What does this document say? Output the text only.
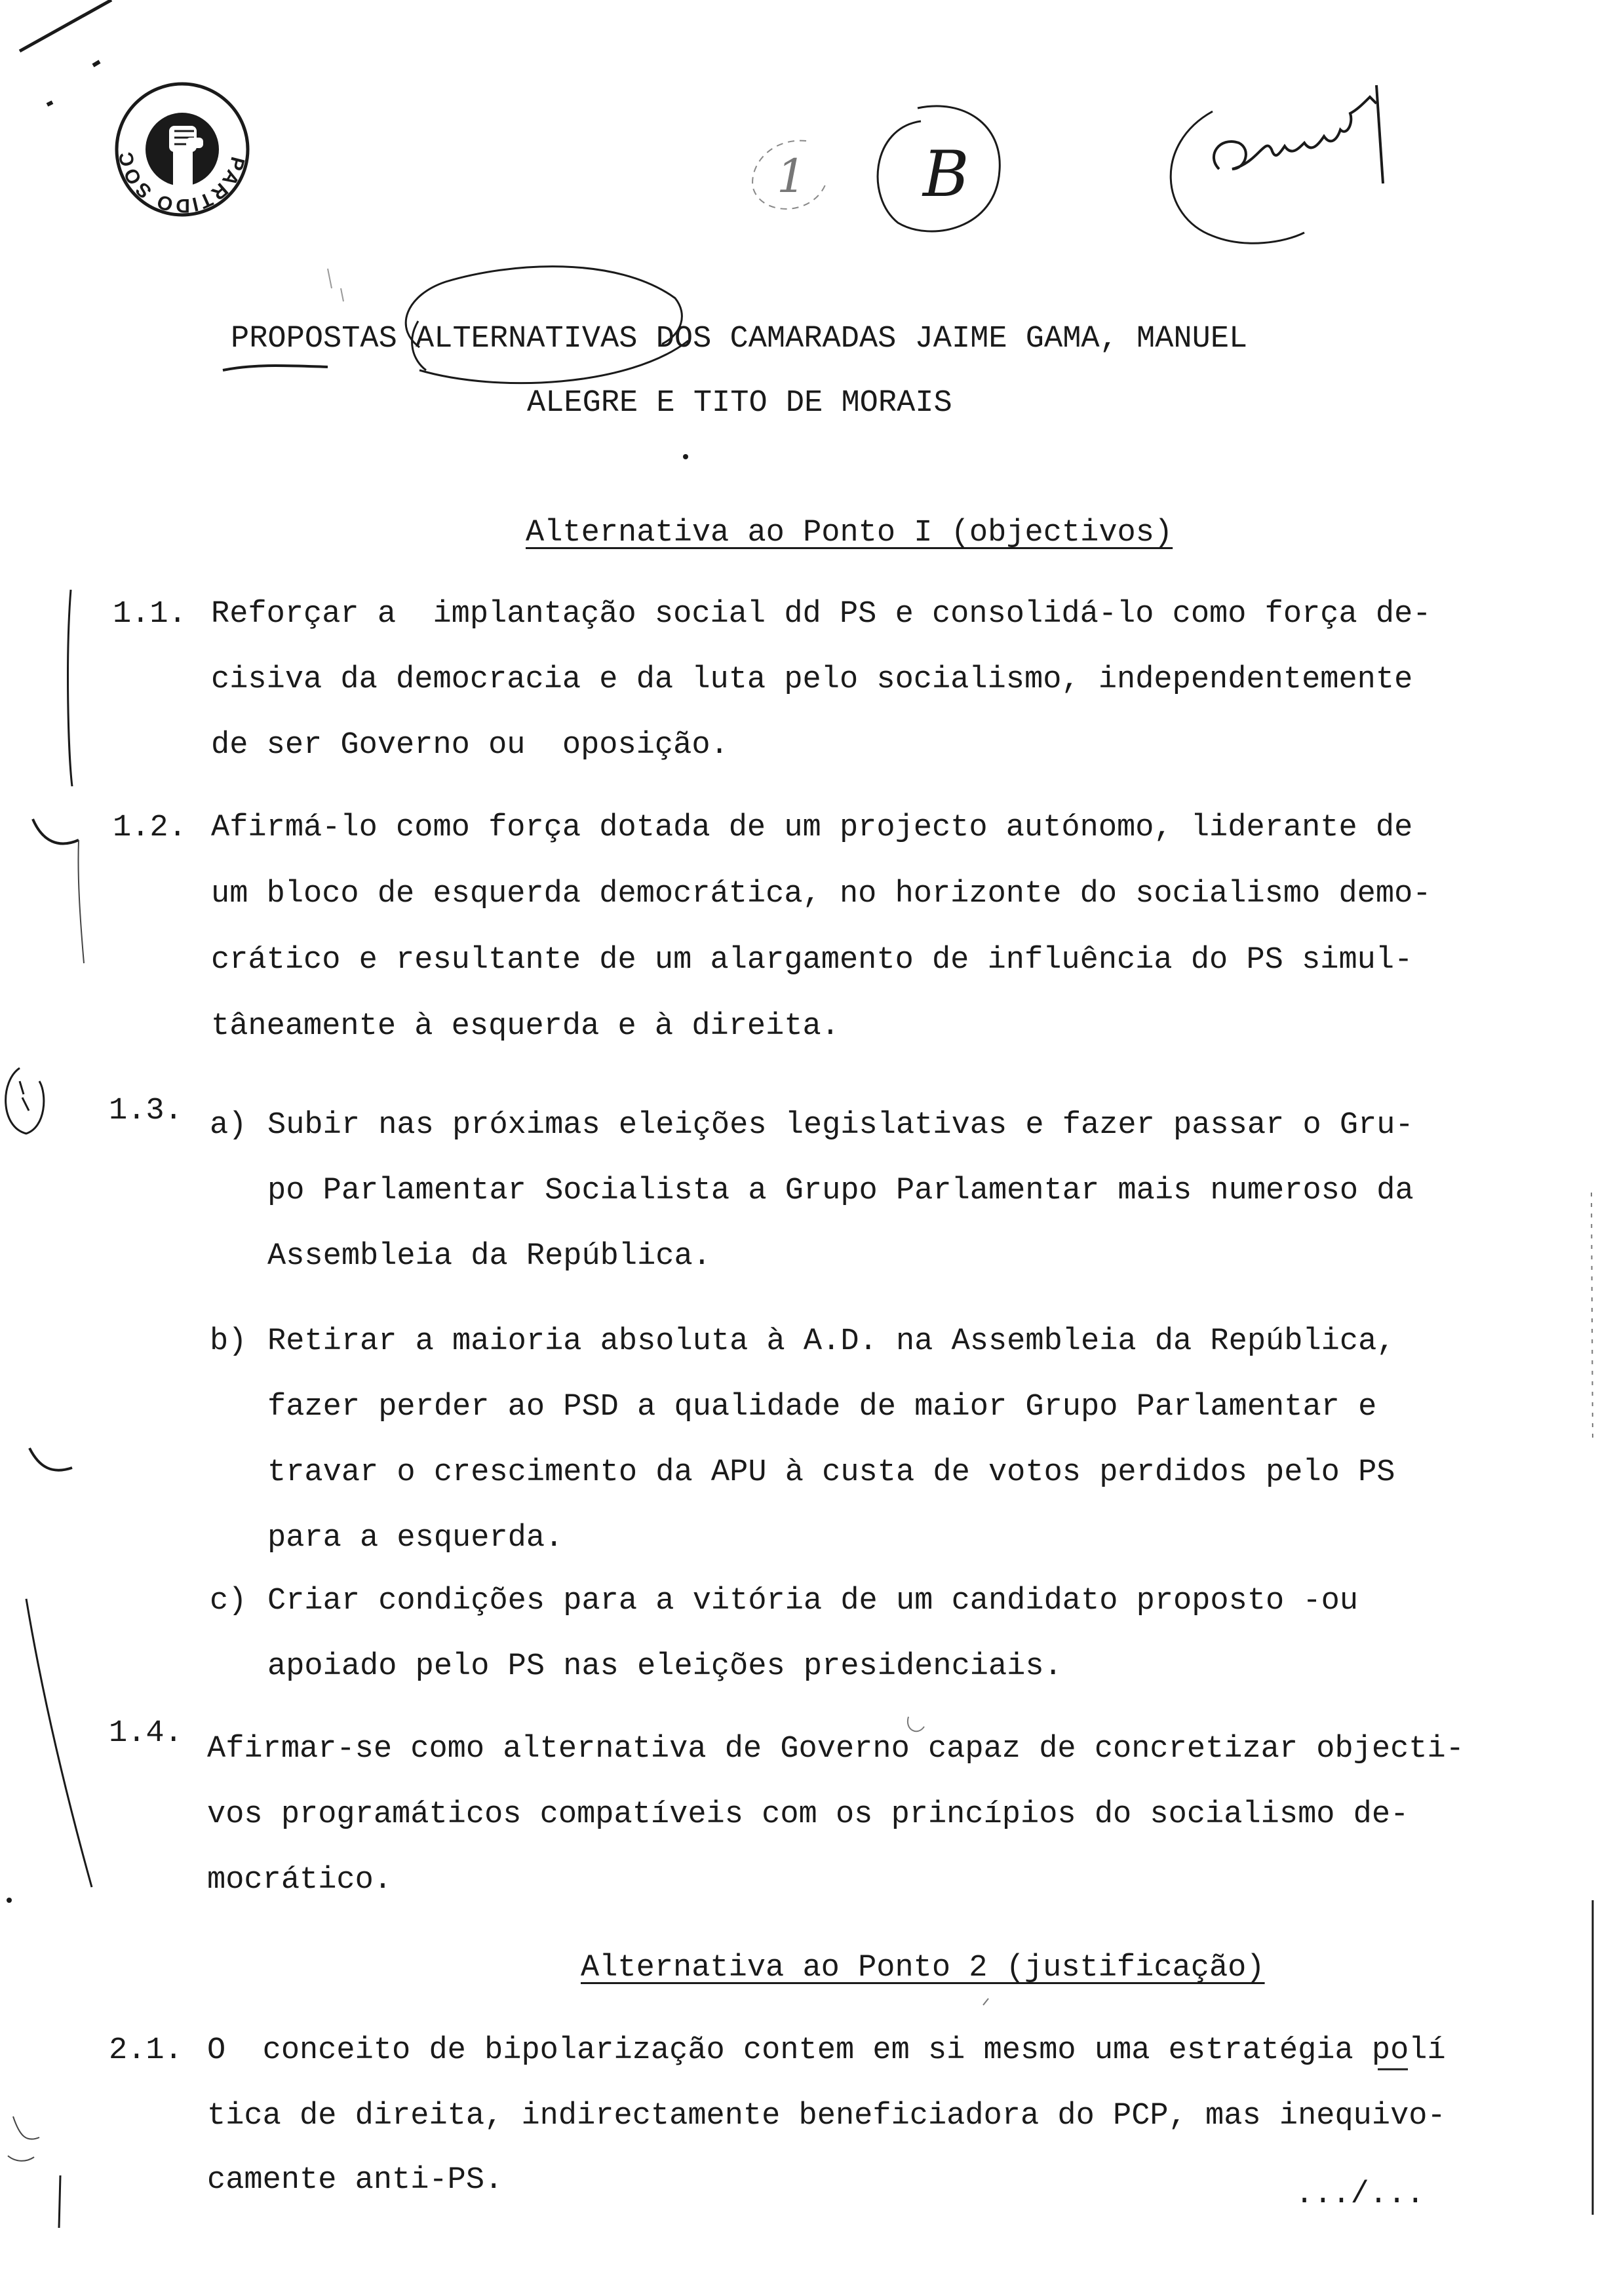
PARTIDO SOC	1 B
PROPOSTAS ALTERNATIVAS DOS CAMARADAS JAIME GAMA, MANUEL
ALEGRE E TITO DE MORAIS
Alternativa ao Ponto I (objectivos)
1.1. Reforçar a  implantação social dd PS e consolidá-lo como força de-
cisiva da democracia e da luta pelo socialismo, independentemente
de ser Governo ou  oposição.
1.2. Afirmá-lo como força dotada de um projecto autónomo, liderante de
um bloco de esquerda democrática, no horizonte do socialismo demo-
crático e resultante de um alargamento de influência do PS simul-
tâneamente à esquerda e à direita.
1.3. a) Subir nas próximas eleições legislativas e fazer passar o Gru-
po Parlamentar Socialista a Grupo Parlamentar mais numeroso da
Assembleia da República.
b) Retirar a maioria absoluta à A.D. na Assembleia da República,
fazer perder ao PSD a qualidade de maior Grupo Parlamentar e
travar o crescimento da APU à custa de votos perdidos pelo PS
para a esquerda.
c) Criar condições para a vitória de um candidato proposto -ou
apoiado pelo PS nas eleições presidenciais.
1.4. Afirmar-se como alternativa de Governo capaz de concretizar objecti-
vos programáticos compatíveis com os princípios do socialismo de-
mocrático.
Alternativa ao Ponto 2 (justificação)
2.1. O  conceito de bipolarização contem em si mesmo uma estratégia polí
tica de direita, indirectamente beneficiadora do PCP, mas inequivo-
camente anti-PS.	.../...
